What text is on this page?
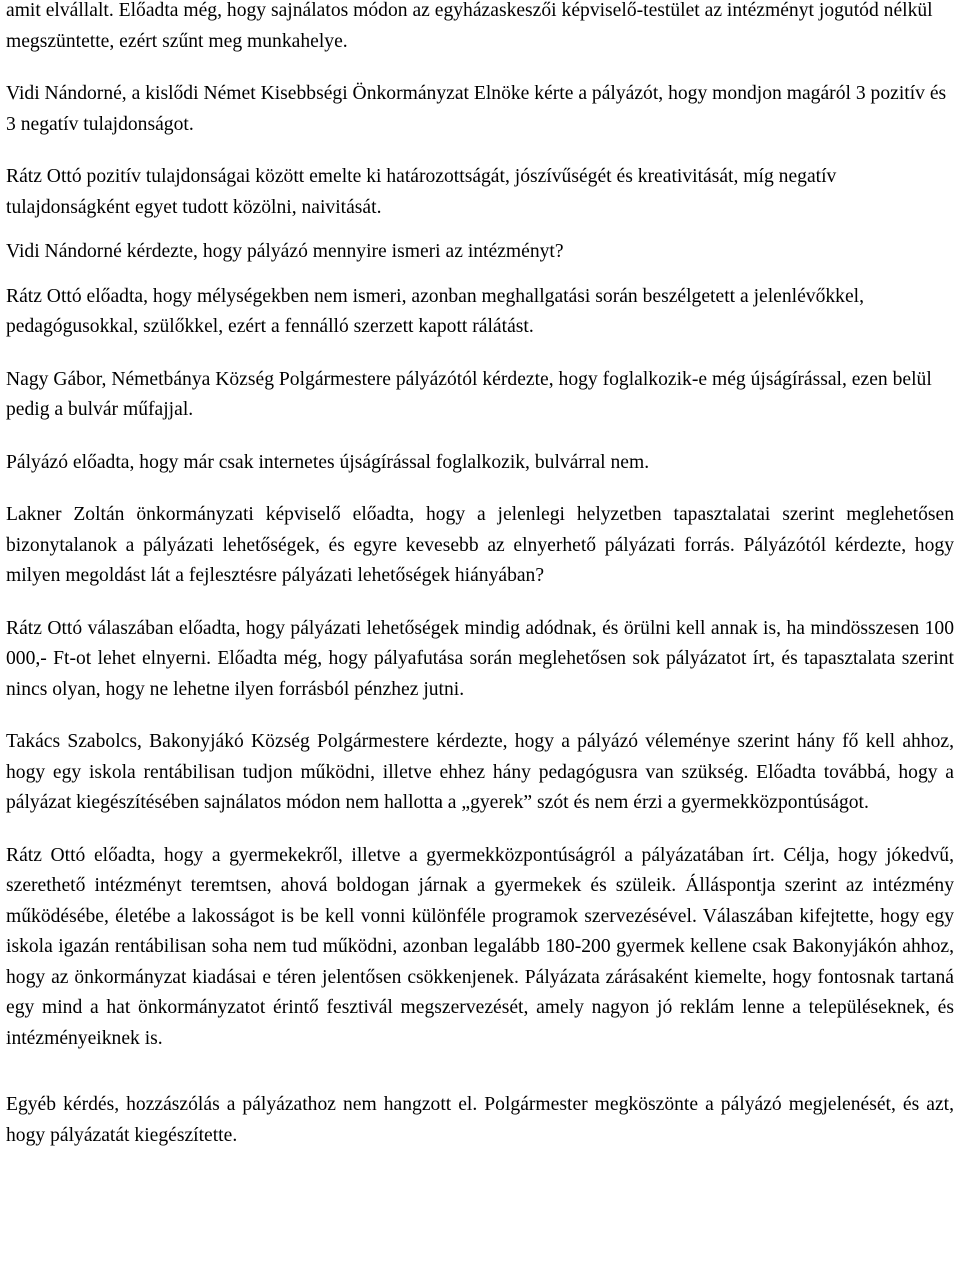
amit elvállalt. Előadta még, hogy sajnálatos módon az egyházaskeszői képviselő-testület az intézményt jogutód nélkül megszüntette, ezért szűnt meg munkahelye.

Vidi Nándorné, a kislődi Német Kisebbségi Önkormányzat Elnöke kérte a pályázót, hogy mondjon magáról 3 pozitív és 3 negatív tulajdonságot.

Rátz Ottó pozitív tulajdonságai között emelte ki határozottságát, jószívűségét és kreativitását, míg negatív tulajdonságként egyet tudott közölni, naivitását.

Vidi Nándorné kérdezte, hogy pályázó mennyire ismeri az intézményt?

Rátz Ottó előadta, hogy mélységekben nem ismeri, azonban meghallgatási során beszélgetett a jelenlévőkkel, pedagógusokkal, szülőkkel, ezért a fennálló szerzett kapott rálátást.

Nagy Gábor, Németbánya Község Polgármestere pályázótól kérdezte, hogy foglalkozik-e még újságírással, ezen belül pedig a bulvár műfajjal.

Pályázó előadta, hogy már csak internetes újságírással foglalkozik, bulvárral nem.

Lakner Zoltán önkormányzati képviselő előadta, hogy a jelenlegi helyzetben tapasztalatai szerint meglehetősen bizonytalanok a pályázati lehetőségek, és egyre kevesebb az elnyerhető pályázati forrás. Pályázótól kérdezte, hogy milyen megoldást lát a fejlesztésre pályázati lehetőségek hiányában?

Rátz Ottó válaszában előadta, hogy pályázati lehetőségek mindig adódnak, és örülni kell annak is, ha mindösszesen 100 000,- Ft-ot lehet elnyerni. Előadta még, hogy pályafutása során meglehetősen sok pályázatot írt, és tapasztalata szerint nincs olyan, hogy ne lehetne ilyen forrásból pénzhez jutni.

Takács Szabolcs, Bakonyjákó Község Polgármestere kérdezte, hogy a pályázó véleménye szerint hány fő kell ahhoz, hogy egy iskola rentábilisan tudjon működni, illetve ehhez hány pedagógusra van szükség. Előadta továbbá, hogy a pályázat kiegészítésében sajnálatos módon nem hallotta a „gyerek” szót és nem érzi a gyermekközpontúságot.

Rátz Ottó előadta, hogy a gyermekekről, illetve a gyermekközpontúságról a pályázatában írt. Célja, hogy jókedvű, szerethető intézményt teremtsen, ahová boldogan járnak a gyermekek és szüleik. Álláspontja szerint az intézmény működésébe, életébe a lakosságot is be kell vonni különféle programok szervezésével. Válaszában kifejtette, hogy egy iskola igazán rentábilisan soha nem tud működni, azonban legalább 180-200 gyermek kellene csak Bakonyjákón ahhoz, hogy az önkormányzat kiadásai e téren jelentősen csökkenjenek. Pályázata zárásaként kiemelte, hogy fontosnak tartaná egy mind a hat önkormányzatot érintő fesztivál megszervezését, amely nagyon jó reklám lenne a településeknek, és intézményeiknek is.

Egyéb kérdés, hozzászólás a pályázathoz nem hangzott el. Polgármester megköszönte a pályázó megjelenését, és azt, hogy pályázatát kiegészítette.
